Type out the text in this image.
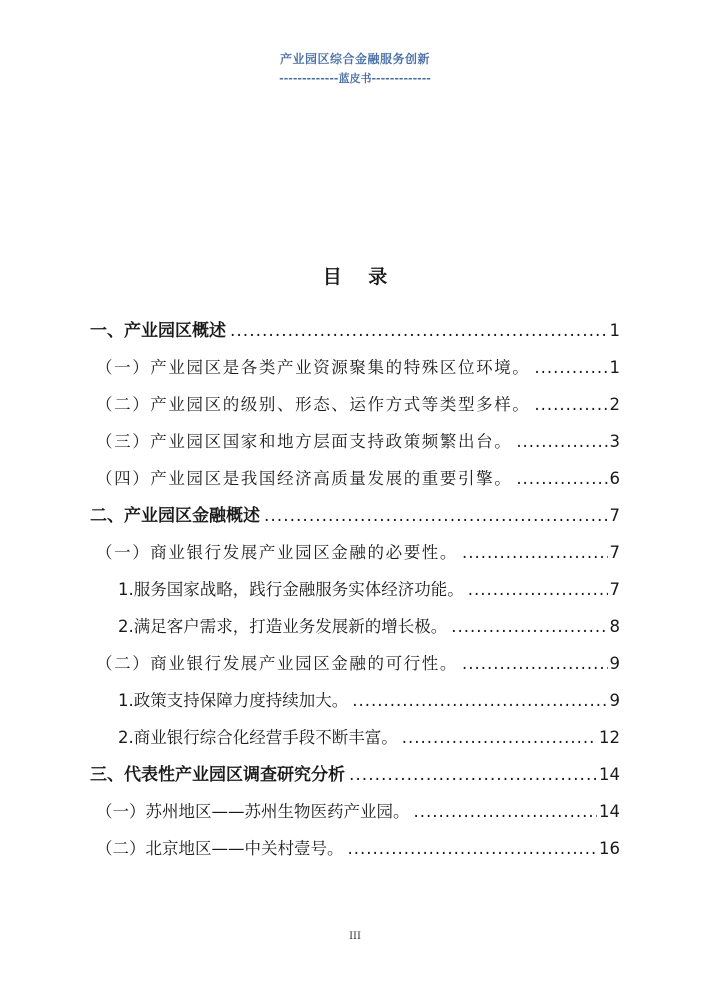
产业园区综合金融服务创新
-------------蓝皮书-------------
目 录
一、产业园区概述 .....	1
（一）产业园区是各类产业资源聚集的特殊区位环境。 .....	1
（二）产业园区的级别、形态、运作方式等类型多样。 .....	2
（三）产业园区国家和地方层面支持政策频繁出台。 .....	3
（四）产业园区是我国经济高质量发展的重要引擎。 .....	6
二、产业园区金融概述 .....	7
（一）商业银行发展产业园区金融的必要性。 .....	7
1.服务国家战略，践行金融服务实体经济功能。 .....	7
2.满足客户需求，打造业务发展新的增长极。 .....	8
（二）商业银行发展产业园区金融的可行性。 .....	9
1.政策支持保障力度持续加大。 .....	9
2.商业银行综合化经营手段不断丰富。 .....	12
三、代表性产业园区调查研究分析 .....	14
（一）苏州地区——苏州生物医药产业园。 .....	14
（二）北京地区——中关村壹号。 .....	16
III
